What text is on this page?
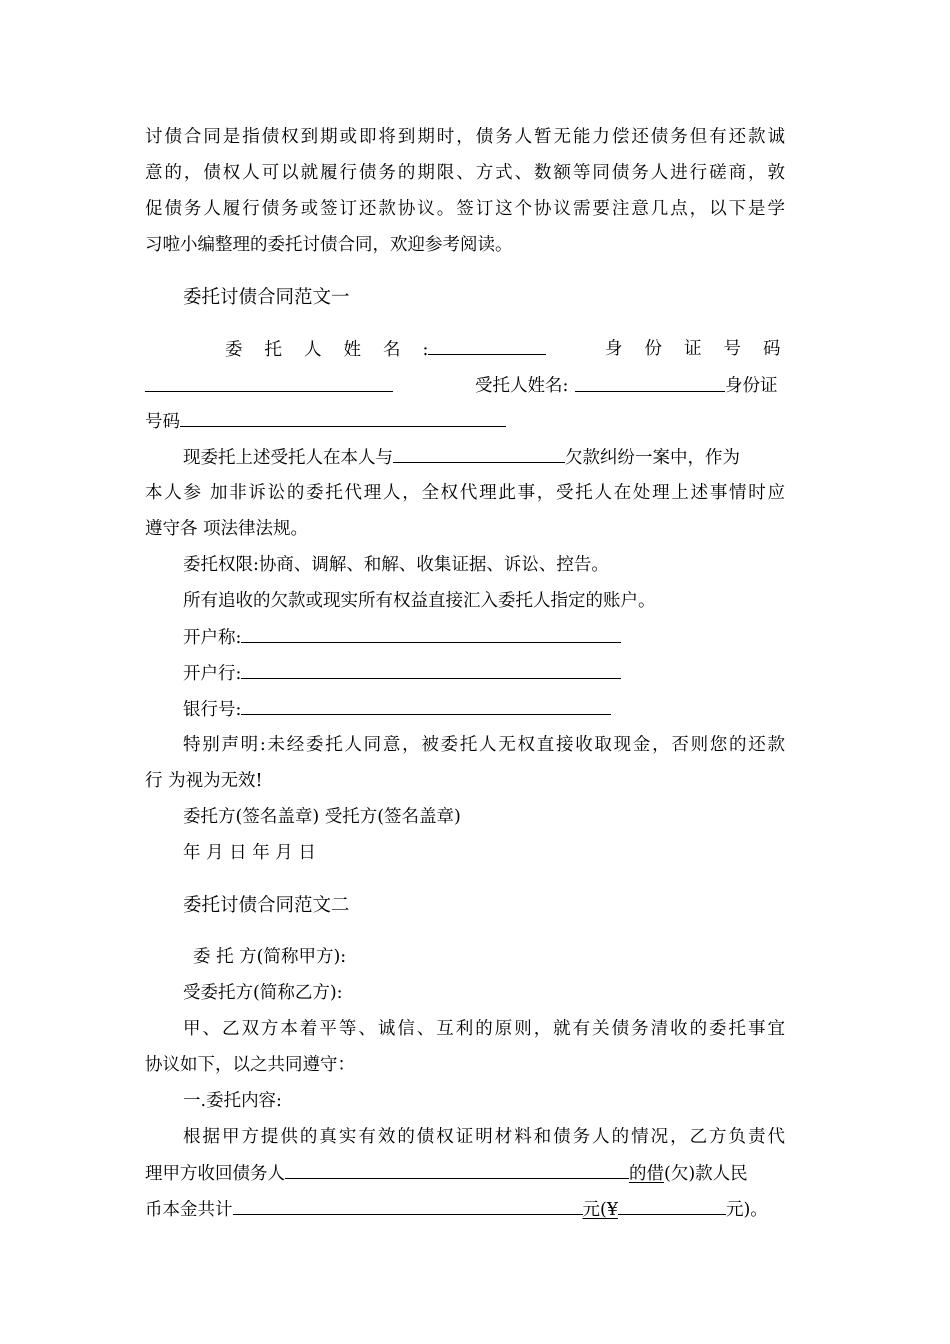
讨债合同是指债权到期或即将到期时，债务人暂无能力偿还债务但有还款诚
意的，债权人可以就履行债务的期限、方式、数额等同债务人进行磋商，敦
促债务人履行债务或签订还款协议。签订这个协议需要注意几点，以下是学
习啦小编整理的委托讨债合同，欢迎参考阅读。
委托讨债合同范文一
委托人姓名:	身份证号码
受托人姓名:	身份证
号码
现委托上述受托人在本人与	欠款纠纷一案中，作为
本人参 加非诉讼的委托代理人，全权代理此事，受托人在处理上述事情时应
遵守各 项法律法规。
委托权限:协商、调解、和解、收集证据、诉讼、控告。
所有追收的欠款或现实所有权益直接汇入委托人指定的账户。
开户称:
开户行:
银行号:
特别声明:未经委托人同意，被委托人无权直接收取现金，否则您的还款
行 为视为无效!
委托方(签名盖章) 受托方(签名盖章)
年 月 日 年 月 日
委托讨债合同范文二
委 托 方(简称甲方):
受委托方(简称乙方):
甲、乙双方本着平等、诚信、互利的原则，就有关债务清收的委托事宜
协议如下，以之共同遵守：
一.委托内容:
根据甲方提供的真实有效的债权证明材料和债务人的情况，乙方负责代
理甲方收回债务人	的借(欠)款人民
币本金共计	元(¥	元)。
